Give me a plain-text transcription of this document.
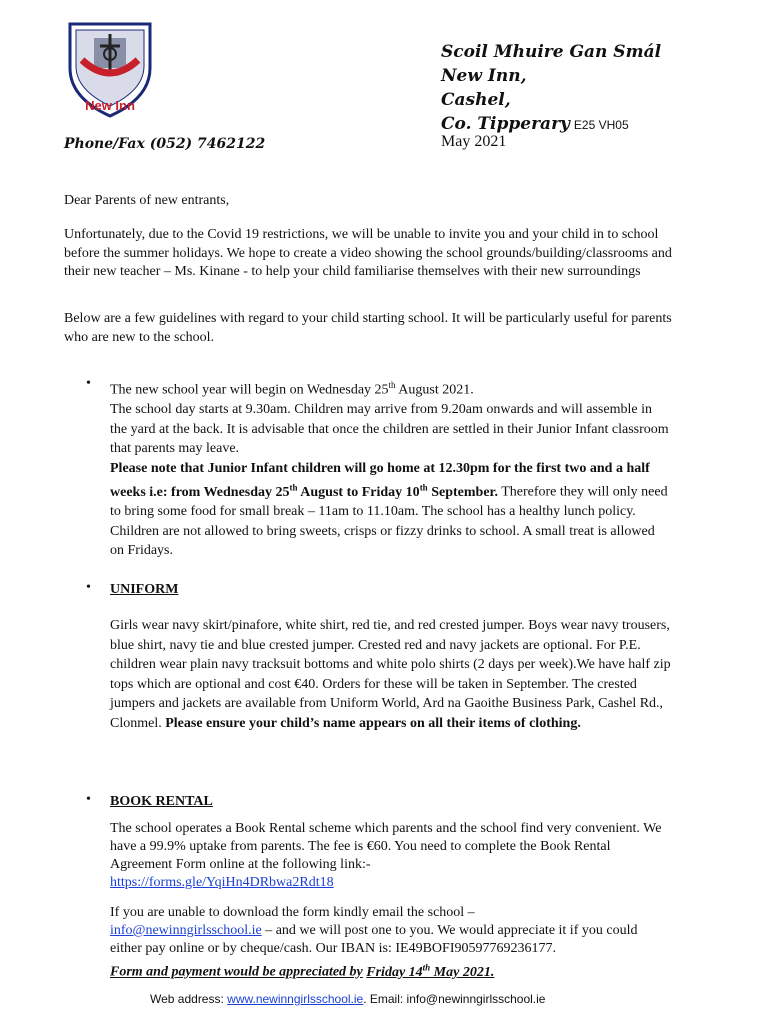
New Inn
Phone/Fax (052) 7462122
Scoil Mhuire Gan Smál
New Inn,
Cashel,
Co. Tipperary E25 VH05
May 2021
Dear Parents of new entrants,
Unfortunately, due to the Covid 19 restrictions, we will be unable to invite you and your child in to school before the summer holidays. We hope to create a video showing the school grounds/building/classrooms and their new teacher – Ms. Kinane - to help your child familiarise themselves with their new surroundings
Below are a few guidelines with regard to your child starting school. It will be particularly useful for parents who are new to the school.
• The new school year will begin on Wednesday 25th August 2021.
The school day starts at 9.30am. Children may arrive from 9.20am onwards and will assemble in the yard at the back. It is advisable that once the children are settled in their Junior Infant classroom that parents may leave.
Please note that Junior Infant children will go home at 12.30pm for the first two and a half weeks i.e: from Wednesday 25th August to Friday 10th September. Therefore they will only need to bring some food for small break – 11am to 11.10am. The school has a healthy lunch policy. Children are not allowed to bring sweets, crisps or fizzy drinks to school. A small treat is allowed on Fridays.
• UNIFORM
Girls wear navy skirt/pinafore, white shirt, red tie, and red crested jumper. Boys wear navy trousers, blue shirt, navy tie and blue crested jumper. Crested red and navy jackets are optional. For P.E. children wear plain navy tracksuit bottoms and white polo shirts (2 days per week).We have half zip tops which are optional and cost €40. Orders for these will be taken in September. The crested jumpers and jackets are available from Uniform World, Ard na Gaoithe Business Park, Cashel Rd., Clonmel. Please ensure your child’s name appears on all their items of clothing.
• BOOK RENTAL
The school operates a Book Rental scheme which parents and the school find very convenient. We have a 99.9% uptake from parents. The fee is €60. You need to complete the Book Rental Agreement Form online at the following link:-
https://forms.gle/YqiHn4DRbwa2Rdt18
If you are unable to download the form kindly email the school –
info@newinngirlsschool.ie – and we will post one to you. We would appreciate it if you could either pay online or by cheque/cash. Our IBAN is: IE49BOFI90597769236177.
Form and payment would be appreciated by Friday 14th May 2021.
Web address: www.newinngirlsschool.ie. Email: info@newinngirlsschool.ie
